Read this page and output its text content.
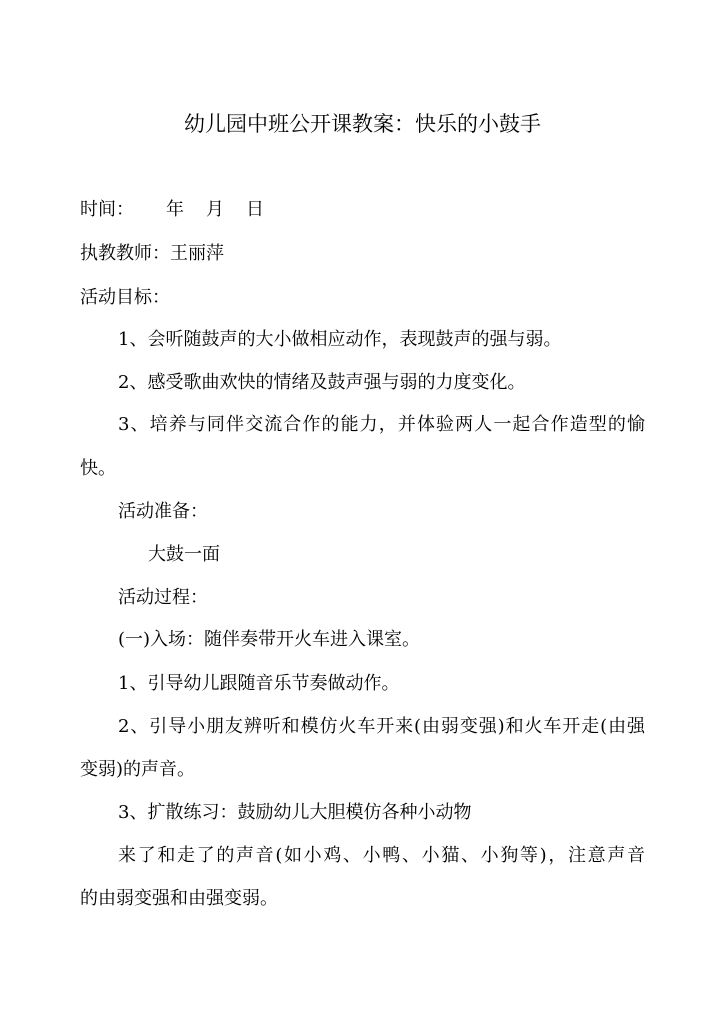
幼儿园中班公开课教案：快乐的小鼓手
时间： 年 月 日
执教教师：王丽萍
活动目标：
1、会听随鼓声的大小做相应动作，表现鼓声的强与弱。
2、感受歌曲欢快的情绪及鼓声强与弱的力度变化。
3、培养与同伴交流合作的能力，并体验两人一起合作造型的愉
快。
活动准备：
大鼓一面
活动过程：
(一)入场：随伴奏带开火车进入课室。
1、引导幼儿跟随音乐节奏做动作。
2、引导小朋友辨听和模仿火车开来(由弱变强)和火车开走(由强
变弱)的声音。
3、扩散练习：鼓励幼儿大胆模仿各种小动物
来了和走了的声音(如小鸡、小鸭、小猫、小狗等)，注意声音
的由弱变强和由强变弱。
